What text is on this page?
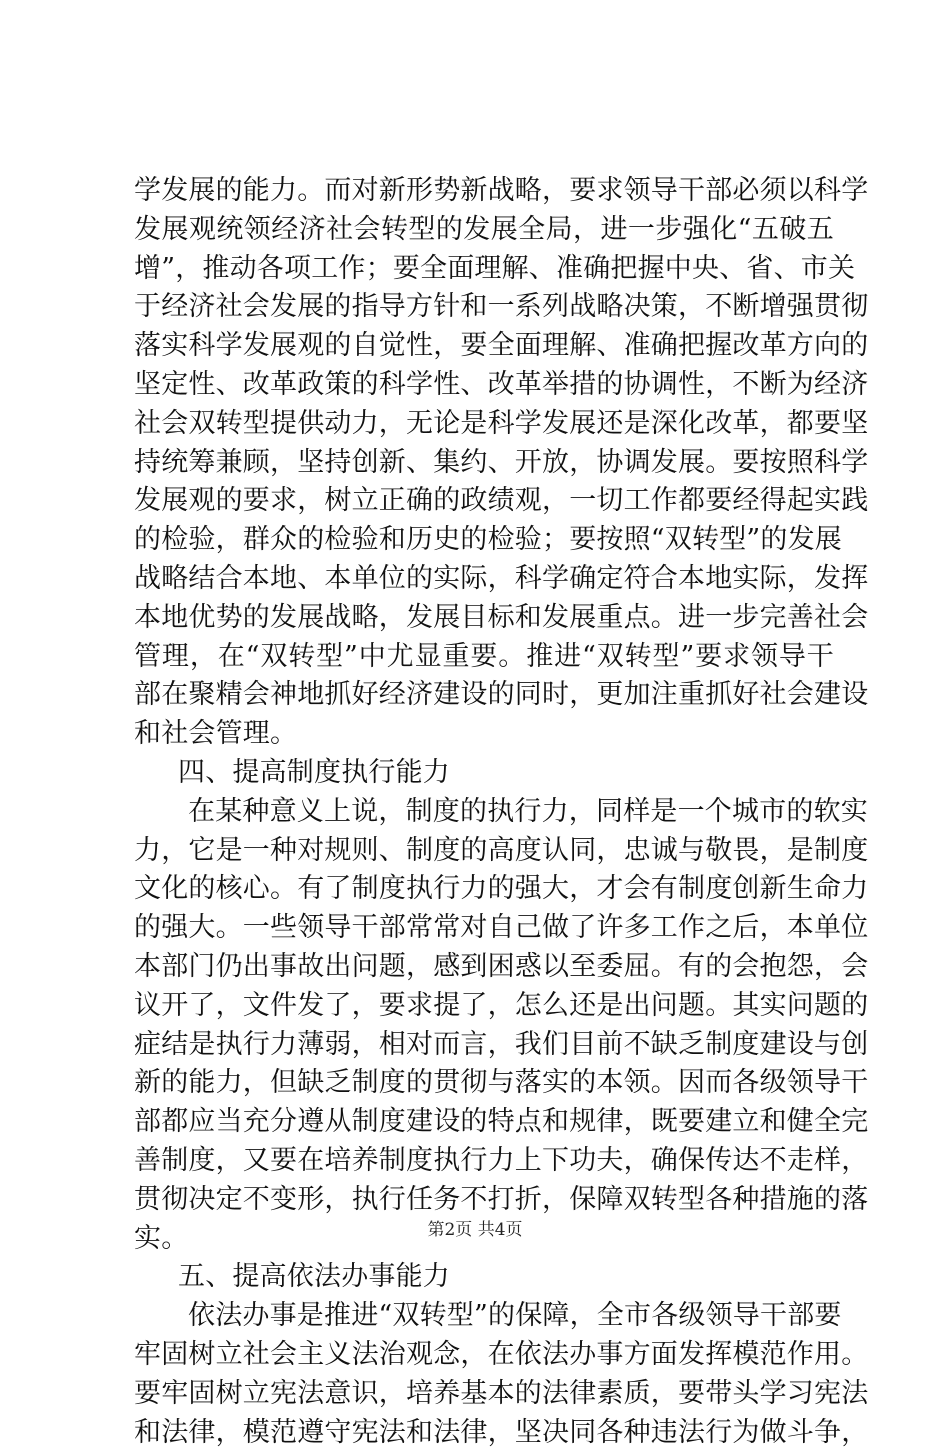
学发展的能力。而对新形势新战略，要求领导干部必须以科学
发展观统领经济社会转型的发展全局，进一步强化“五破五
增”，推动各项工作；要全面理解、准确把握中央、省、市关
于经济社会发展的指导方针和一系列战略决策，不断增强贯彻
落实科学发展观的自觉性，要全面理解、准确把握改革方向的
坚定性、改革政策的科学性、改革举措的协调性，不断为经济
社会双转型提供动力，无论是科学发展还是深化改革，都要坚
持统筹兼顾，坚持创新、集约、开放，协调发展。要按照科学
发展观的要求，树立正确的政绩观，一切工作都要经得起实践
的检验，群众的检验和历史的检验；要按照“双转型”的发展
战略结合本地、本单位的实际，科学确定符合本地实际，发挥
本地优势的发展战略，发展目标和发展重点。进一步完善社会
管理，在“双转型”中尤显重要。推进“双转型”要求领导干
部在聚精会神地抓好经济建设的同时，更加注重抓好社会建设
和社会管理。
四、提高制度执行能力
在某种意义上说，制度的执行力，同样是一个城市的软实
力，它是一种对规则、制度的高度认同，忠诚与敬畏，是制度
文化的核心。有了制度执行力的强大，才会有制度创新生命力
的强大。一些领导干部常常对自己做了许多工作之后，本单位
本部门仍出事故出问题，感到困惑以至委屈。有的会抱怨，会
议开了，文件发了，要求提了，怎么还是出问题。其实问题的
症结是执行力薄弱，相对而言，我们目前不缺乏制度建设与创
新的能力，但缺乏制度的贯彻与落实的本领。因而各级领导干
部都应当充分遵从制度建设的特点和规律，既要建立和健全完
善制度，又要在培养制度执行力上下功夫，确保传达不走样，
贯彻决定不变形，执行任务不打折，保障双转型各种措施的落
实。
五、提高依法办事能力
依法办事是推进“双转型”的保障，全市各级领导干部要
牢固树立社会主义法治观念，在依法办事方面发挥模范作用。
要牢固树立宪法意识，培养基本的法律素质，要带头学习宪法
和法律，模范遵守宪法和法律，坚决同各种违法行为做斗争，
第2页 共4页
